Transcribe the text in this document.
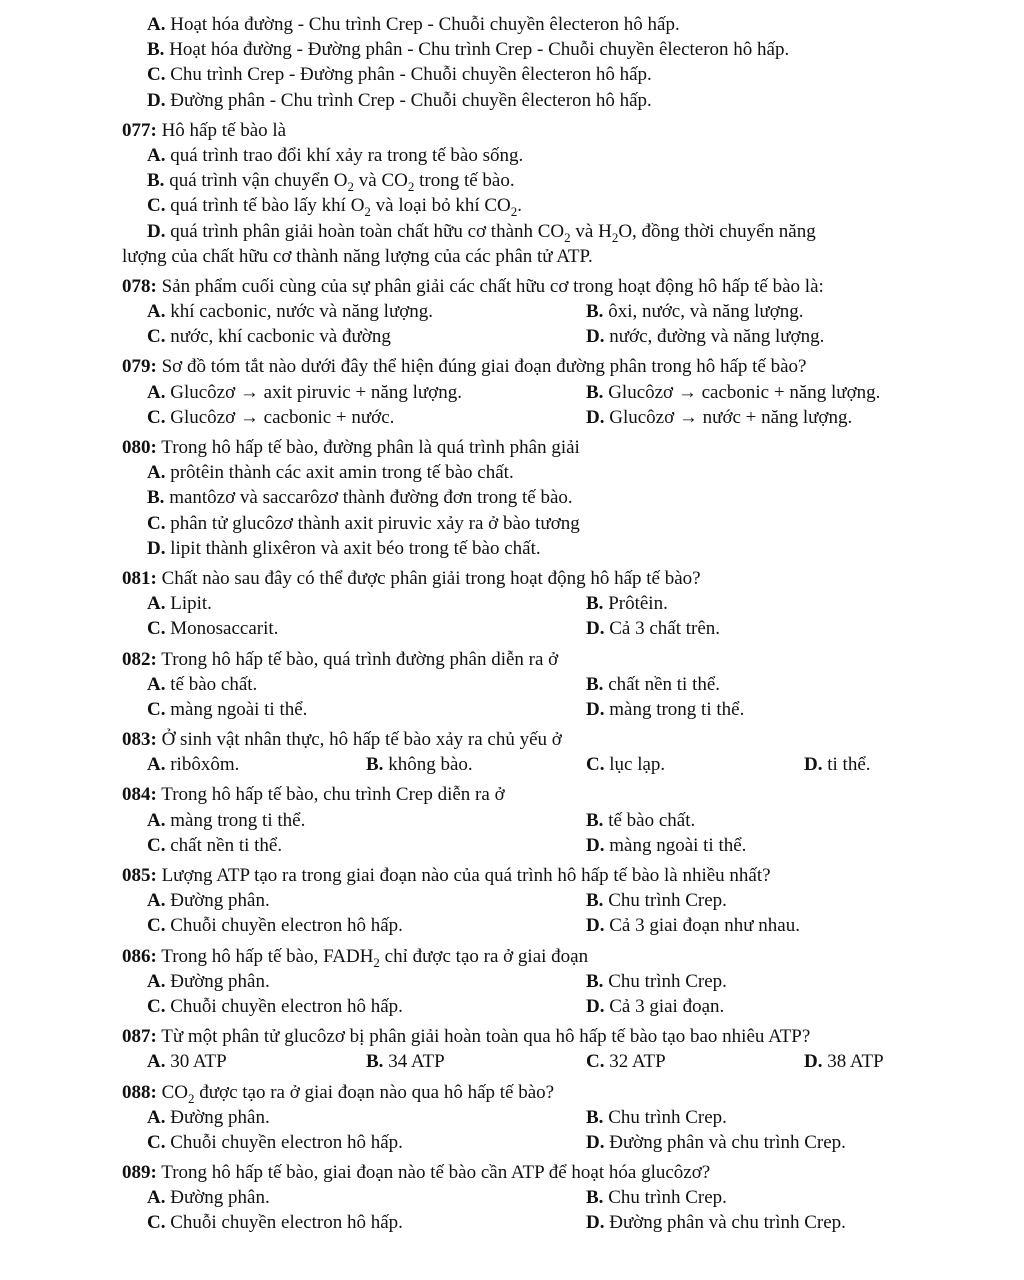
A. Hoạt hóa đường - Chu trình Crep - Chuỗi chuyền êlecteron hô hấp.
B. Hoạt hóa đường - Đường phân - Chu trình Crep - Chuỗi chuyền êlecteron hô hấp.
C. Chu trình Crep - Đường phân - Chuỗi chuyền êlecteron hô hấp.
D. Đường phân - Chu trình Crep - Chuỗi chuyền êlecteron hô hấp.
077: Hô hấp tế bào là
A. quá trình trao đổi khí xảy ra trong tế bào sống.
B. quá trình vận chuyển $O_2$ và $CO_2$ trong tế bào.
C. quá trình tế bào lấy khí $O_2$ và loại bỏ khí $CO_2$.
D. quá trình phân giải hoàn toàn chất hữu cơ thành $CO_2$ và $H_2O$, đồng thời chuyển năng
lượng của chất hữu cơ thành năng lượng của các phân tử ATP.
078: Sản phẩm cuối cùng của sự phân giải các chất hữu cơ trong hoạt động hô hấp tế bào là:
A. khí cacbonic, nước và năng lượng.	B. ôxi, nước, và năng lượng.
C. nước, khí cacbonic và đường	D. nước, đường và năng lượng.
079: Sơ đồ tóm tắt nào dưới đây thể hiện đúng giai đoạn đường phân trong hô hấp tế bào?
A. Glucôzơ → axit piruvic + năng lượng.	B. Glucôzơ → cacbonic + năng lượng.
C. Glucôzơ → cacbonic + nước.	D. Glucôzơ → nước + năng lượng.
080: Trong hô hấp tế bào, đường phân là quá trình phân giải
A. prôtêin thành các axit amin trong tế bào chất.
B. mantôzơ và saccarôzơ thành đường đơn trong tế bào.
C. phân tử glucôzơ thành axit piruvic xảy ra ở bào tương
D. lipit thành glixêron và axit béo trong tế bào chất.
081: Chất nào sau đây có thể được phân giải trong hoạt động hô hấp tế bào?
A. Lipit.	B. Prôtêin.
C. Monosaccarit.	D. Cả 3 chất trên.
082: Trong hô hấp tế bào, quá trình đường phân diễn ra ở
A. tế bào chất.	B. chất nền ti thể.
C. màng ngoài ti thể.	D. màng trong ti thể.
083: Ở sinh vật nhân thực, hô hấp tế bào xảy ra chủ yếu ở
A. ribôxôm.	B. không bào.	C. lục lạp.	D. ti thể.
084: Trong hô hấp tế bào, chu trình Crep diễn ra ở
A. màng trong ti thể.	B. tế bào chất.
C. chất nền ti thể.	D. màng ngoài ti thể.
085: Lượng ATP tạo ra trong giai đoạn nào của quá trình hô hấp tế bào là nhiều nhất?
A. Đường phân.	B. Chu trình Crep.
C. Chuỗi chuyền electron hô hấp.	D. Cả 3 giai đoạn như nhau.
086: Trong hô hấp tế bào, $FADH_2$ chỉ được tạo ra ở giai đoạn
A. Đường phân.	B. Chu trình Crep.
C. Chuỗi chuyền electron hô hấp.	D. Cả 3 giai đoạn.
087: Từ một phân tử glucôzơ bị phân giải hoàn toàn qua hô hấp tế bào tạo bao nhiêu ATP?
A. 30 ATP	B. 34 ATP	C. 32 ATP	D. 38 ATP
088: $CO_2$ được tạo ra ở giai đoạn nào qua hô hấp tế bào?
A. Đường phân.	B. Chu trình Crep.
C. Chuỗi chuyền electron hô hấp.	D. Đường phân và chu trình Crep.
089: Trong hô hấp tế bào, giai đoạn nào tế bào cần ATP để hoạt hóa glucôzơ?
A. Đường phân.	B. Chu trình Crep.
C. Chuỗi chuyền electron hô hấp.	D. Đường phân và chu trình Crep.
